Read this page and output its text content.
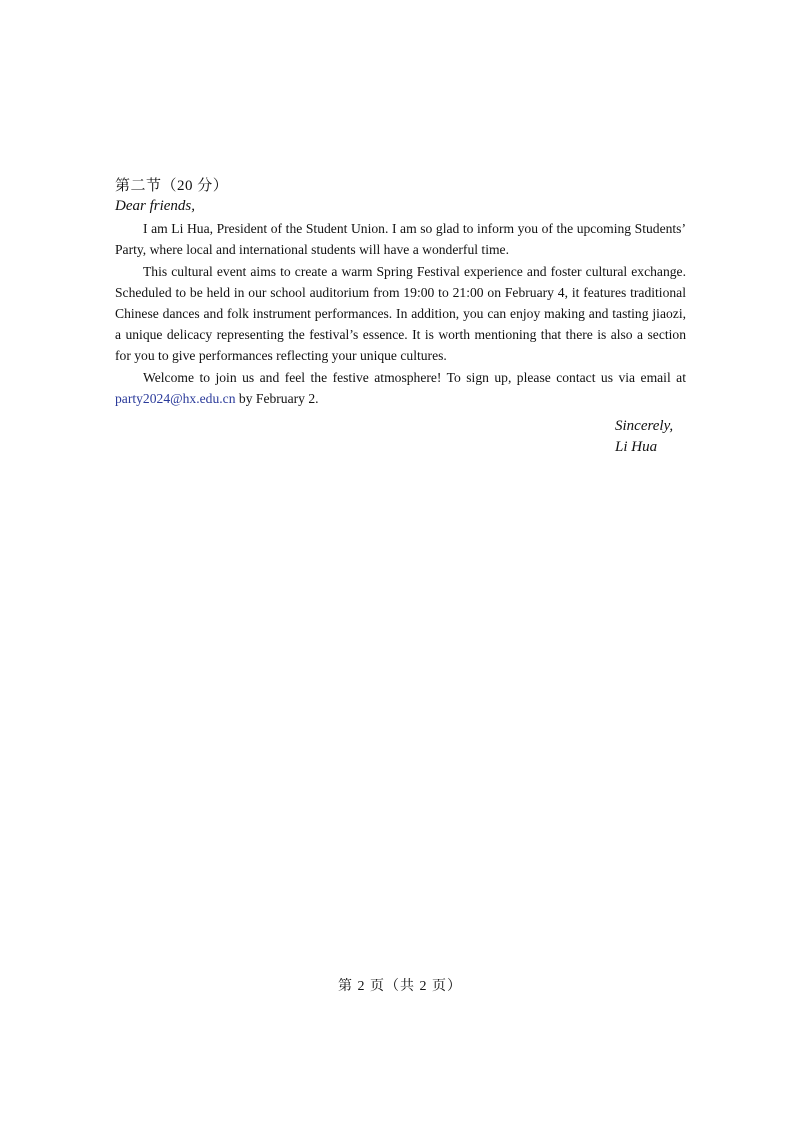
第二节（20 分）

Dear friends,

I am Li Hua, President of the Student Union. I am so glad to inform you of the upcoming Students’ Party, where local and international students will have a wonderful time.

This cultural event aims to create a warm Spring Festival experience and foster cultural exchange. Scheduled to be held in our school auditorium from 19:00 to 21:00 on February 4, it features traditional Chinese dances and folk instrument performances. In addition, you can enjoy making and tasting jiaozi, a unique delicacy representing the festival’s essence. It is worth mentioning that there is also a section for you to give performances reflecting your unique cultures.

Welcome to join us and feel the festive atmosphere! To sign up, please contact us via email at party2024@hx.edu.cn by February 2.

Sincerely,
Li Hua
第 2 页（共 2 页）
